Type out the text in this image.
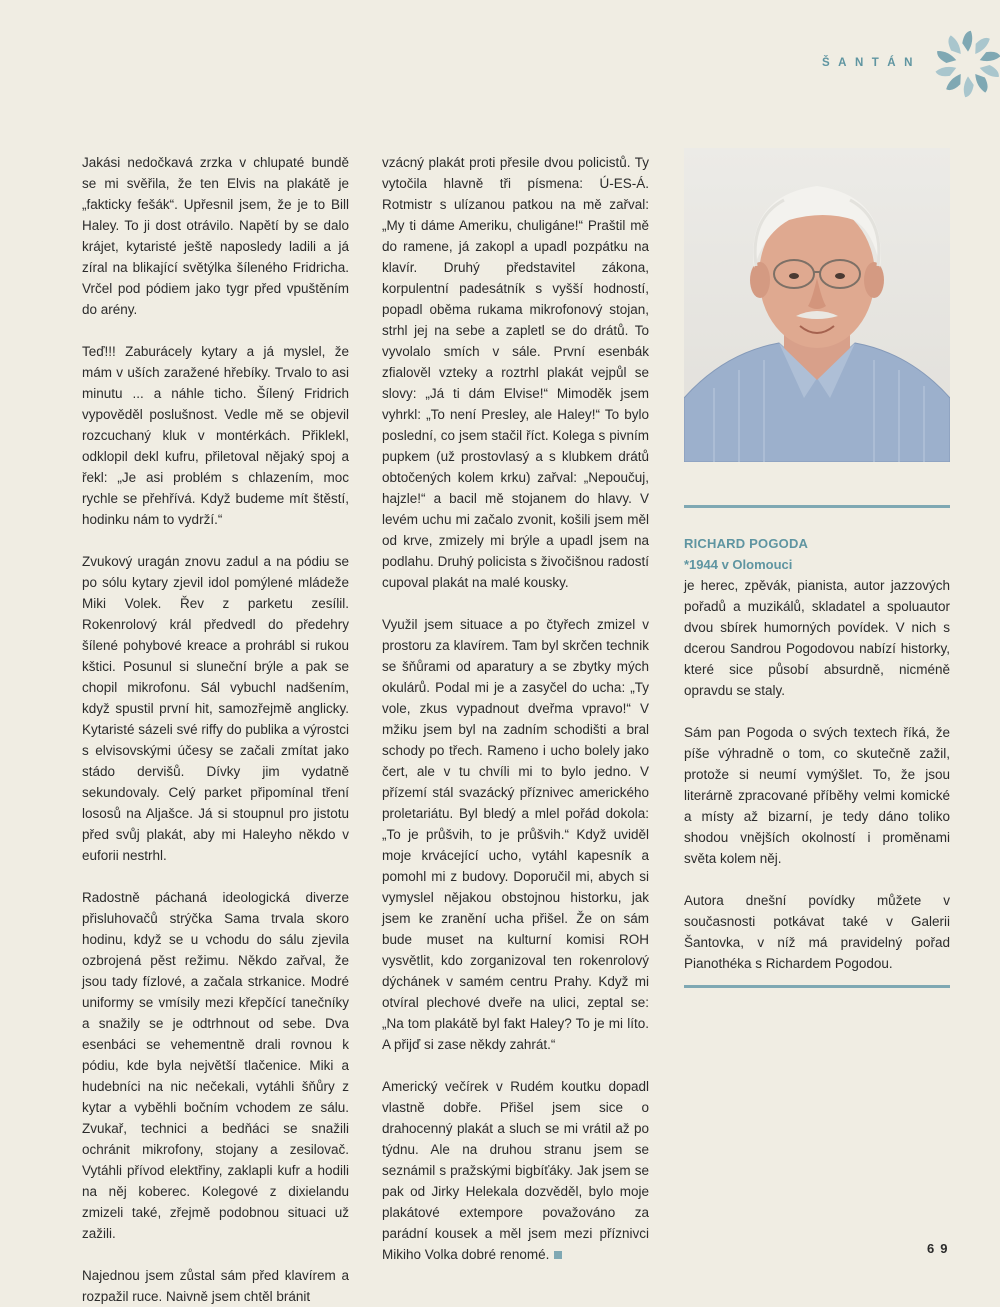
ŠANTÁN

Jakási nedočkavá zrzka v chlupaté bundě se mi svěřila, že ten Elvis na plakátě je „fakticky fešák“. Upřesnil jsem, že je to Bill Haley. To ji dost otrávilo. Napětí by se dalo krájet, kytaristé ještě naposledy ladili a já zíral na blikající světýlka šíleného Fridricha. Vrčel pod pódiem jako tygr před vpuštěním do arény.

Teď!!! Zaburácely kytary a já myslel, že mám v uších zaražené hřebíky. Trvalo to asi minutu ... a náhle ticho. Šílený Fridrich vypověděl poslušnost. Vedle mě se objevil rozcuchaný kluk v montérkách. Přiklekl, odklopil dekl kufru, přiletoval nějaký spoj a řekl: „Je asi problém s chlazením, moc rychle se přehřívá. Když budeme mít štěstí, hodinku nám to vydrží.“

Zvukový uragán znovu zadul a na pódiu se po sólu kytary zjevil idol pomýlené mládeže Miki Volek. Řev z parketu zesílil. Rokenrolový král předvedl do předehry šílené pohybové kreace a prohrábl si rukou kštici. Posunul si sluneční brýle a pak se chopil mikrofonu. Sál vybuchl nadšením, když spustil první hit, samozřejmě anglicky. Kytaristé sázeli své riffy do publika a výrostci s elvisovskými účesy se začali zmítat jako stádo dervišů. Dívky jim vydatně sekundovaly. Celý parket připomínal tření lososů na Aljašce. Já si stoupnul pro jistotu před svůj plakát, aby mi Haleyho někdo v euforii nestrhl.

Radostně páchaná ideologická diverze přisluhovačů strýčka Sama trvala skoro hodinu, když se u vchodu do sálu zjevila ozbrojená pěst režimu. Někdo zařval, že jsou tady fízlové, a začala strkanice. Modré uniformy se vmísily mezi křepčící tanečníky a snažily se je odtrhnout od sebe. Dva esenbáci se vehementně drali rovnou k pódiu, kde byla největší tlačenice. Miki a hudebníci na nic nečekali, vytáhli šňůry z kytar a vyběhli bočním vchodem ze sálu. Zvukař, technici a bedňáci se snažili ochránit mikrofony, stojany a zesilovač. Vytáhli přívod elektřiny, zaklapli kufr a hodili na něj koberec. Kolegové z dixielandu zmizeli také, zřejmě podobnou situaci už zažili.

Najednou jsem zůstal sám před klavírem a rozpažil ruce. Naivně jsem chtěl bránit

vzácný plakát proti přesile dvou policistů. Ty vytočila hlavně tři písmena: Ú-ES-Á. Rotmistr s ulízanou patkou na mě zařval: „My ti dáme Ameriku, chuligáne!“ Praštil mě do ramene, já zakopl a upadl pozpátku na klavír. Druhý představitel zákona, korpulentní padesátník s vyšší hodností, popadl oběma rukama mikrofonový stojan, strhl jej na sebe a zapletl se do drátů. To vyvolalo smích v sále. První esenbák zfialověl vzteky a roztrhl plakát vejpůl se slovy: „Já ti dám Elvise!“ Mimoděk jsem vyhrkl: „To není Presley, ale Haley!“ To bylo poslední, co jsem stačil říct. Kolega s pivním pupkem (už prostovlasý a s klubkem drátů obtočených kolem krku) zařval: „Nepoučuj, hajzle!“ a bacil mě stojanem do hlavy. V levém uchu mi začalo zvonit, košili jsem měl od krve, zmizely mi brýle a upadl jsem na podlahu. Druhý policista s živočišnou radostí cupoval plakát na malé kousky.

Využil jsem situace a po čtyřech zmizel v prostoru za klavírem. Tam byl skrčen technik se šňůrami od aparatury a se zbytky mých okulárů. Podal mi je a zasyčel do ucha: „Ty vole, zkus vypadnout dveřma vpravo!“ V mžiku jsem byl na zadním schodišti a bral schody po třech. Rameno i ucho bolely jako čert, ale v tu chvíli mi to bylo jedno. V přízemí stál svazácký příznivec amerického proletariátu. Byl bledý a mlel pořád dokola: „To je průšvih, to je průšvih.“ Když uviděl moje krvácející ucho, vytáhl kapesník a pomohl mi z budovy. Doporučil mi, abych si vymyslel nějakou obstojnou historku, jak jsem ke zranění ucha přišel. Že on sám bude muset na kulturní komisi ROH vysvětlit, kdo zorganizoval ten rokenrolový dýchánek v samém centru Prahy. Když mi otvíral plechové dveře na ulici, zeptal se: „Na tom plakátě byl fakt Haley? To je mi líto. A přijď si zase někdy zahrát.“

Americký večírek v Rudém koutku dopadl vlastně dobře. Přišel jsem sice o drahocenný plakát a sluch se mi vrátil až po týdnu. Ale na druhou stranu jsem se seznámil s pražskými bigbíťáky. Jak jsem se pak od Jirky Helekala dozvěděl, bylo moje plakátové extempore považováno za parádní kousek a měl jsem mezi příznivci Mikiho Volka dobré renomé.

RICHARD POGODA
*1944 v Olomouci

je herec, zpěvák, pianista, autor jazzových pořadů a muzikálů, skladatel a spoluautor dvou sbírek humorných povídek. V nich s dcerou Sandrou Pogodovou nabízí historky, které sice působí absurdně, nicméně opravdu se staly.

Sám pan Pogoda o svých textech říká, že píše výhradně o tom, co skutečně zažil, protože si neumí vymýšlet. To, že jsou literárně zpracované příběhy velmi komické a místy až bizarní, je tedy dáno toliko shodou vnějších okolností i proměnami světa kolem něj.

Autora dnešní povídky můžete v současnosti potkávat také v Galerii Šantovka, v níž má pravidelný pořad Pianothéka s Richardem Pogodou.

69
